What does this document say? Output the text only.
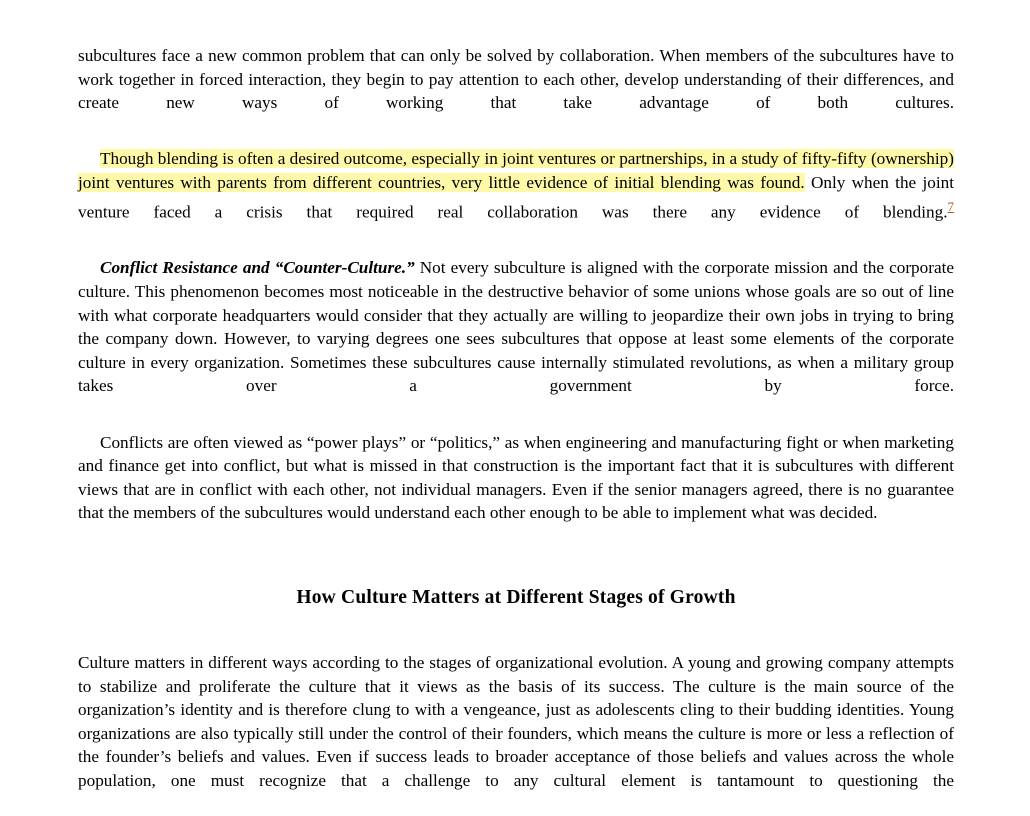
subcultures face a new common problem that can only be solved by collaboration. When members of the subcultures have to work together in forced interaction, they begin to pay attention to each other, develop understanding of their differences, and create new ways of working that take advantage of both cultures.

Though blending is often a desired outcome, especially in joint ventures or partnerships, in a study of fifty-fifty (ownership) joint ventures with parents from different countries, very little evidence of initial blending was found. Only when the joint venture faced a crisis that required real collaboration was there any evidence of blending.$^7$

Conflict Resistance and “Counter-Culture.” Not every subculture is aligned with the corporate mission and the corporate culture. This phenomenon becomes most noticeable in the destructive behavior of some unions whose goals are so out of line with what corporate headquarters would consider that they actually are willing to jeopardize their own jobs in trying to bring the company down. However, to varying degrees one sees subcultures that oppose at least some elements of the corporate culture in every organization. Sometimes these subcultures cause internally stimulated revolutions, as when a military group takes over a government by force.

Conflicts are often viewed as “power plays” or “politics,” as when engineering and manufacturing fight or when marketing and finance get into conflict, but what is missed in that construction is the important fact that it is subcultures with different views that are in conflict with each other, not individual managers. Even if the senior managers agreed, there is no guarantee that the members of the subcultures would understand each other enough to be able to implement what was decided.

How Culture Matters at Different Stages of Growth

Culture matters in different ways according to the stages of organizational evolution. A young and growing company attempts to stabilize and proliferate the culture that it views as the basis of its success. The culture is the main source of the organization’s identity and is therefore clung to with a vengeance, just as adolescents cling to their budding identities. Young organizations are also typically still under the control of their founders, which means the culture is more or less a reflection of the founder’s beliefs and values. Even if success leads to broader acceptance of those beliefs and values across the whole population, one must recognize that a challenge to any cultural element is tantamount to questioning the
